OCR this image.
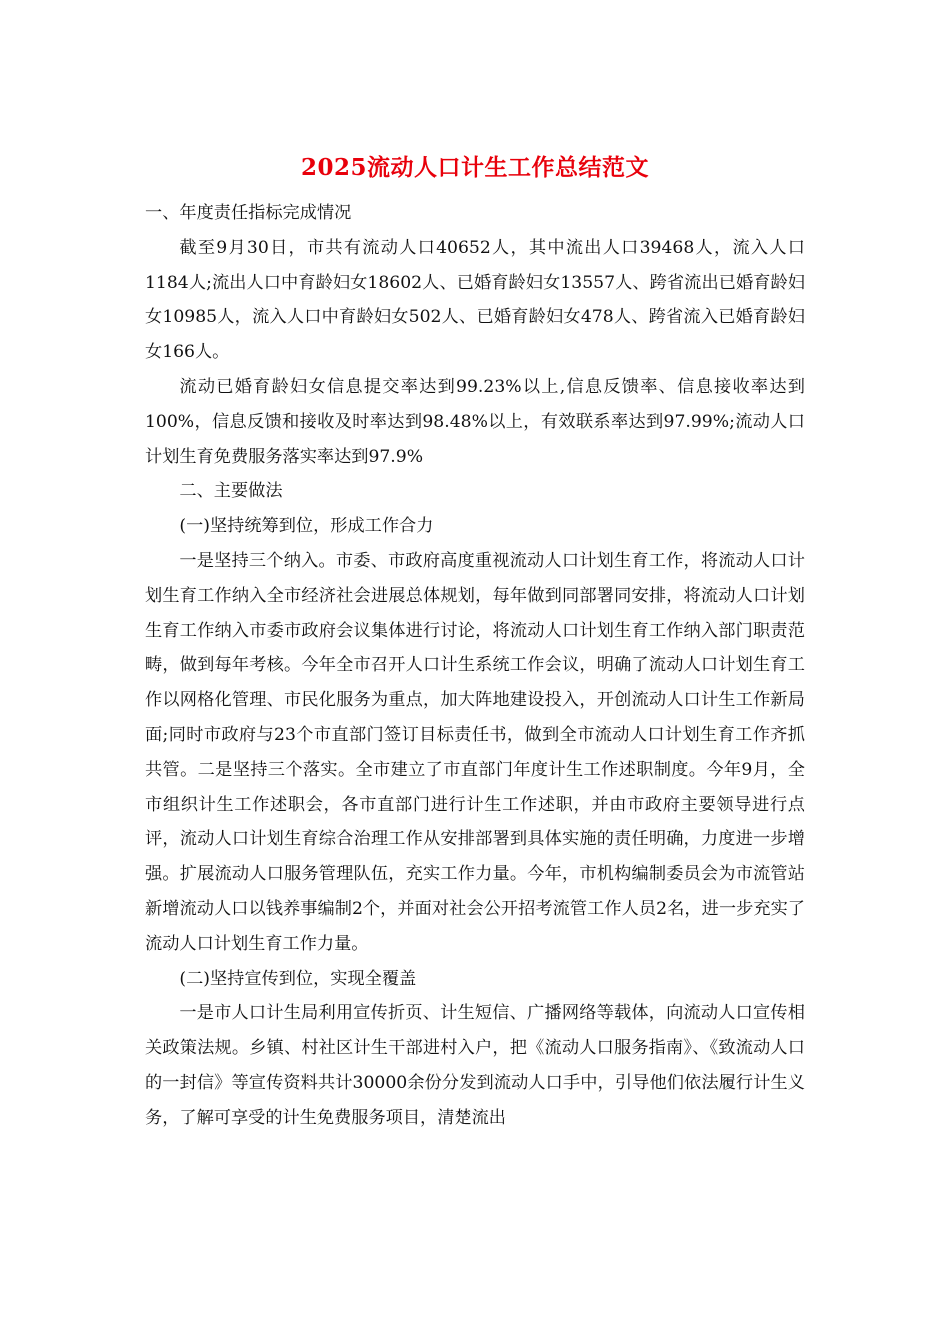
2025流动人口计生工作总结范文

一、年度责任指标完成情况

截至9月30日，市共有流动人口40652人，其中流出人口39468人，流入人口1184人;流出人口中育龄妇女18602人、已婚育龄妇女13557人、跨省流出已婚育龄妇女10985人，流入人口中育龄妇女502人、已婚育龄妇女478人、跨省流入已婚育龄妇女166人。

流动已婚育龄妇女信息提交率达到99.23%以上,信息反馈率、信息接收率达到100%，信息反馈和接收及时率达到98.48%以上，有效联系率达到97.99%;流动人口计划生育免费服务落实率达到97.9%

二、主要做法

(一)坚持统筹到位，形成工作合力

一是坚持三个纳入。市委、市政府高度重视流动人口计划生育工作，将流动人口计划生育工作纳入全市经济社会进展总体规划，每年做到同部署同安排，将流动人口计划生育工作纳入市委市政府会议集体进行讨论，将流动人口计划生育工作纳入部门职责范畴，做到每年考核。今年全市召开人口计生系统工作会议，明确了流动人口计划生育工作以网格化管理、市民化服务为重点，加大阵地建设投入，开创流动人口计生工作新局面;同时市政府与23个市直部门签订目标责任书，做到全市流动人口计划生育工作齐抓共管。二是坚持三个落实。全市建立了市直部门年度计生工作述职制度。今年9月，全市组织计生工作述职会，各市直部门进行计生工作述职，并由市政府主要领导进行点评，流动人口计划生育综合治理工作从安排部署到具体实施的责任明确，力度进一步增强。扩展流动人口服务管理队伍，充实工作力量。今年，市机构编制委员会为市流管站新增流动人口以钱养事编制2个，并面对社会公开招考流管工作人员2名，进一步充实了流动人口计划生育工作力量。

(二)坚持宣传到位，实现全覆盖

一是市人口计生局利用宣传折页、计生短信、广播网络等载体，向流动人口宣传相关政策法规。乡镇、村社区计生干部进村入户，把《流动人口服务指南》、《致流动人口的一封信》等宣传资料共计30000余份分发到流动人口手中，引导他们依法履行计生义务，了解可享受的计生免费服务项目，清楚流出
